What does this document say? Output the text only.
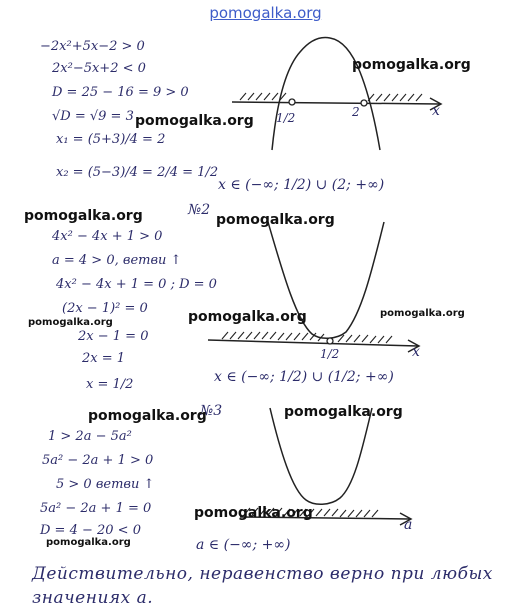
pomogalka.org
−2x²+5x−2 > 0
2x²−5x+2 < 0
D = 25 − 16 = 9 > 0
√D = √9 = 3
x₁ = (5+3)/4 = 2
x₂ = (5−3)/4 = 2/4 = 1/2
1/2	2	x
x ∈ (−∞; 1/2) ∪ (2; +∞)
№2
4x² − 4x + 1 > 0
a = 4 > 0, ветви ↑
4x² − 4x + 1 = 0 ; D = 0
(2x − 1)² = 0
2x − 1 = 0
2x = 1
x = 1/2
1/2	x
x ∈ (−∞; 1/2) ∪ (1/2; +∞)
№3
1 > 2a − 5a²
5a² − 2a + 1 > 0
5 > 0 ветви ↑
5a² − 2a + 1 = 0
D = 4 − 20 < 0	a
a ∈ (−∞; +∞)
Действительно, неравенство верно при любых
значениях а.
pomogalka.org
pomogalka.org
pomogalka.org	pomogalka.org
pomogalka.org	pomogalka.org
pomogalka.org
pomogalka.org	pomogalka.org
pomogalka.org
pomogalka.org
